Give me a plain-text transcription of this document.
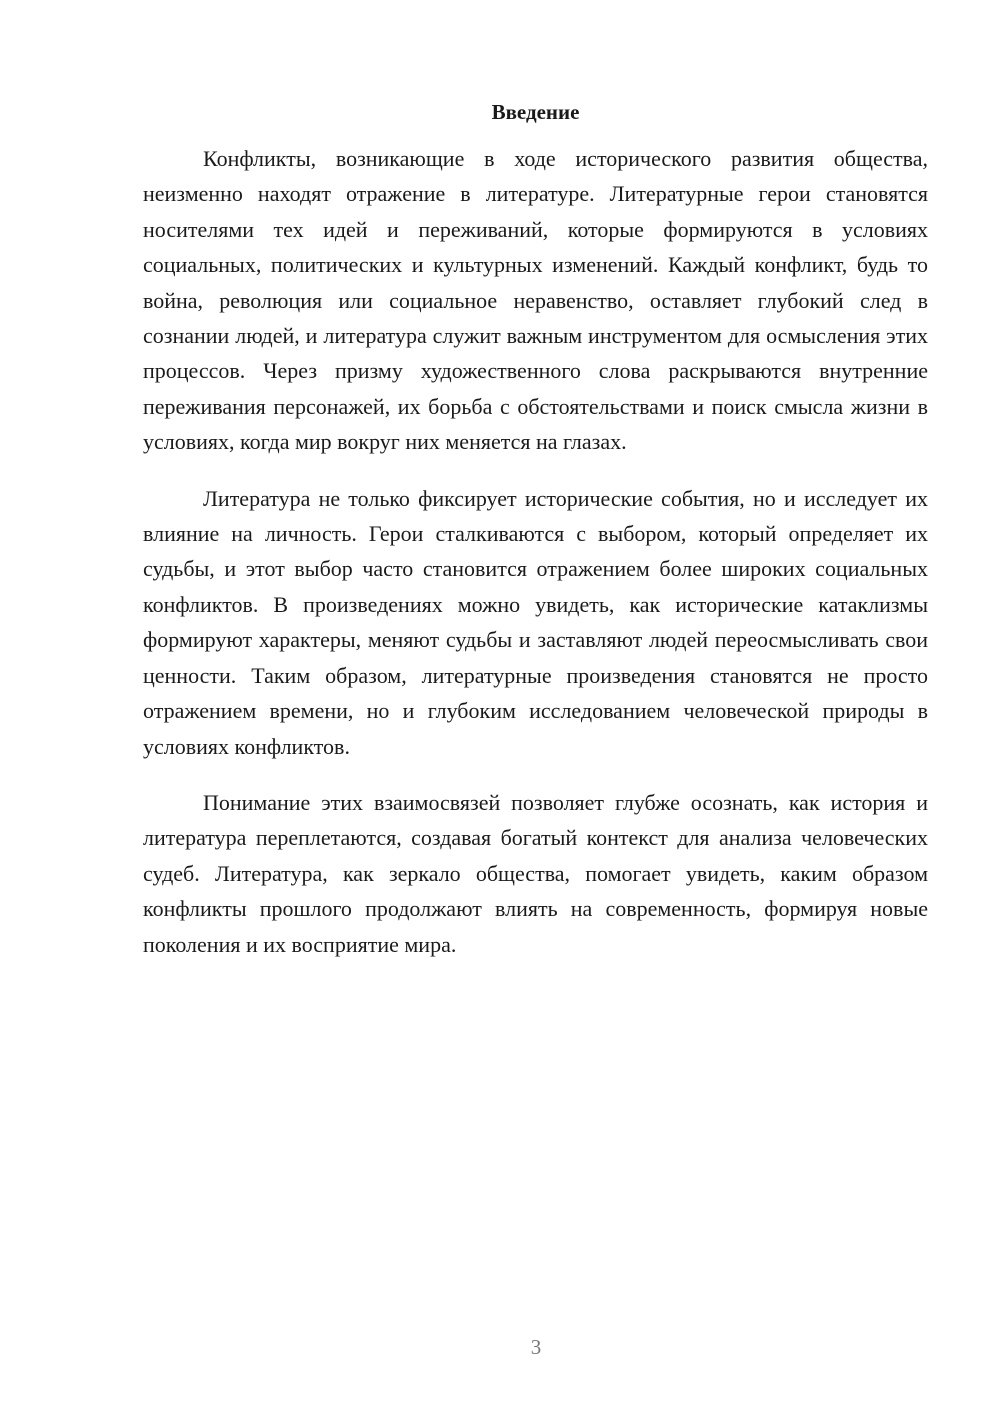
Введение

Конфликты, возникающие в ходе исторического развития общества, неизменно находят отражение в литературе. Литературные герои становятся носителями тех идей и переживаний, которые формируются в условиях социальных, политических и культурных изменений. Каждый конфликт, будь то война, революция или социальное неравенство, оставляет глубокий след в сознании людей, и литература служит важным инструментом для осмысления этих процессов. Через призму художественного слова раскрываются внутренние переживания персонажей, их борьба с обстоятельствами и поиск смысла жизни в условиях, когда мир вокруг них меняется на глазах.

Литература не только фиксирует исторические события, но и исследует их влияние на личность. Герои сталкиваются с выбором, который определяет их судьбы, и этот выбор часто становится отражением более широких социальных конфликтов. В произведениях можно увидеть, как исторические катаклизмы формируют характеры, меняют судьбы и заставляют людей переосмысливать свои ценности. Таким образом, литературные произведения становятся не просто отражением времени, но и глубоким исследованием человеческой природы в условиях конфликтов.

Понимание этих взаимосвязей позволяет глубже осознать, как история и литература переплетаются, создавая богатый контекст для анализа человеческих судеб. Литература, как зеркало общества, помогает увидеть, каким образом конфликты прошлого продолжают влиять на современность, формируя новые поколения и их восприятие мира.

3
